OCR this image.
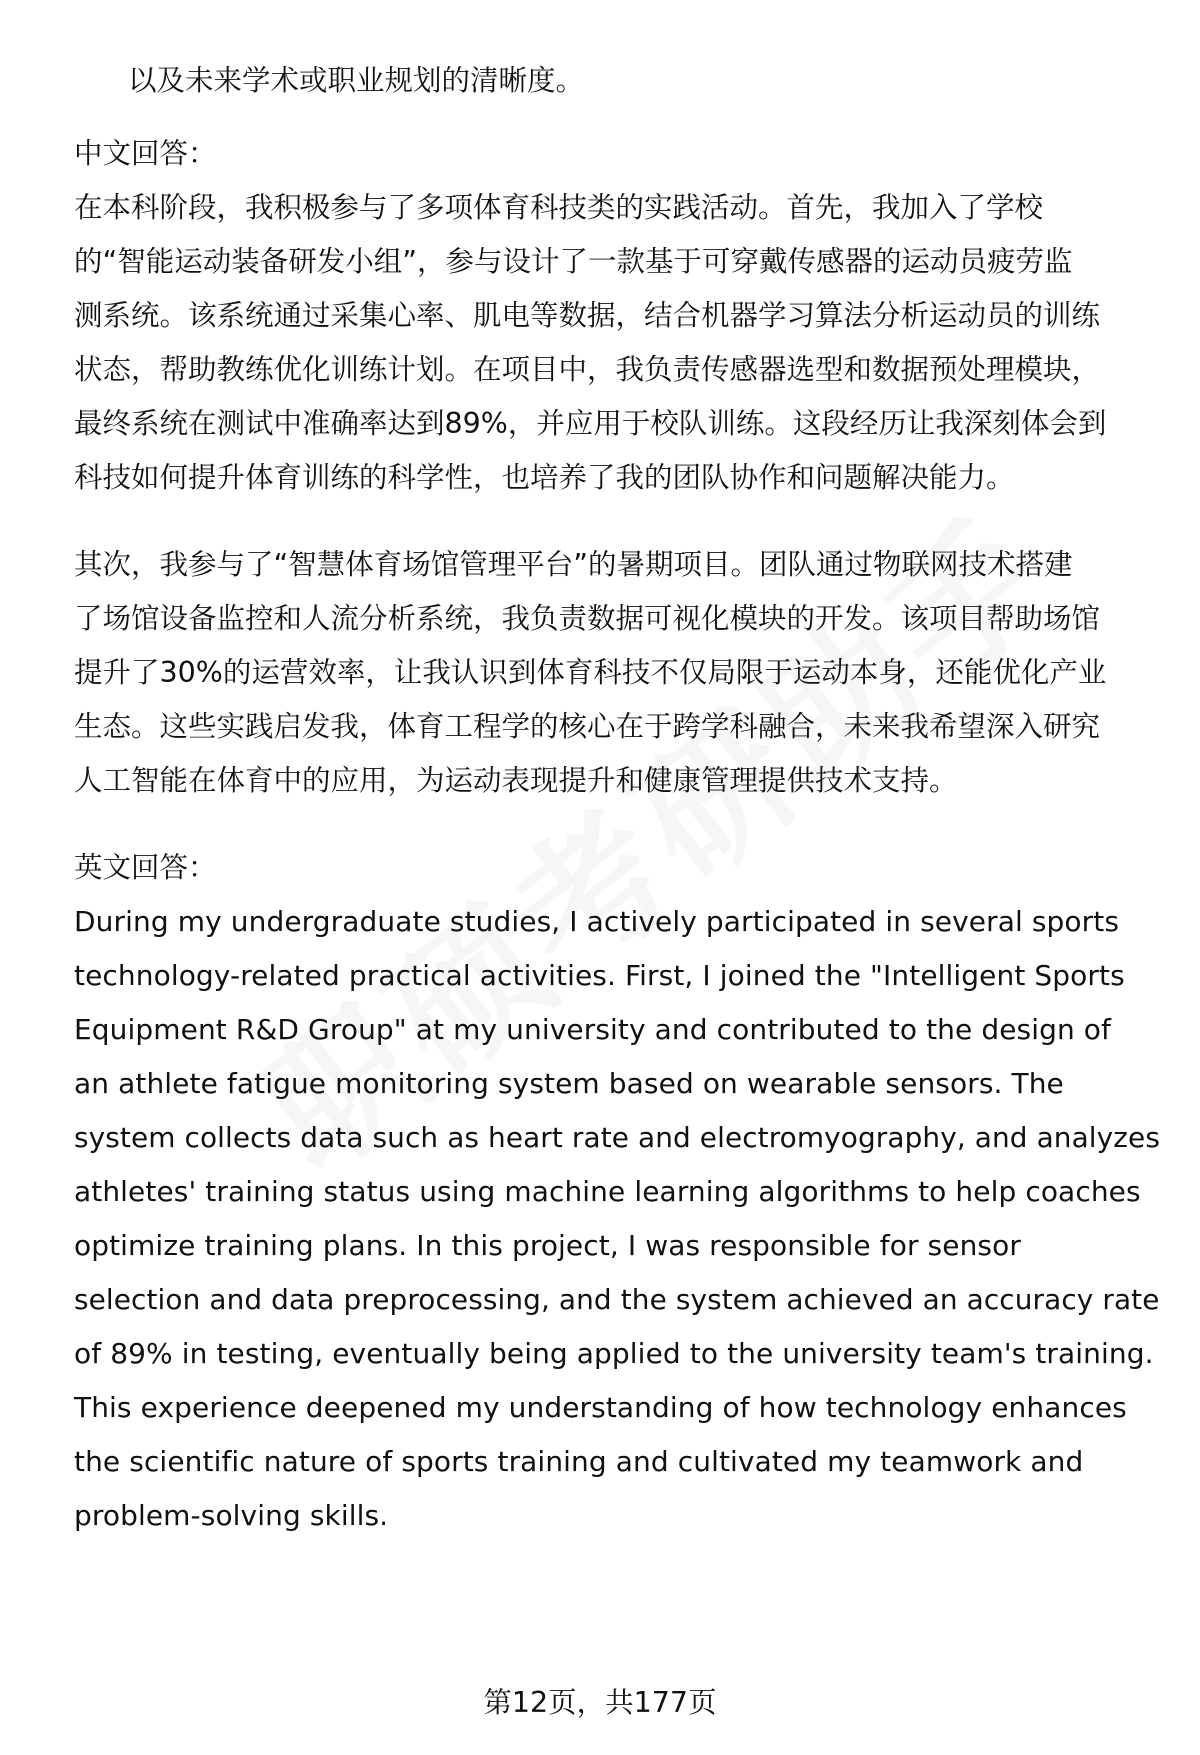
以及未来学术或职业规划的清晰度。
中文回答：
在本科阶段，我积极参与了多项体育科技类的实践活动。首先，我加入了学校
的“智能运动装备研发小组”，参与设计了一款基于可穿戴传感器的运动员疲劳监
测系统。该系统通过采集心率、肌电等数据，结合机器学习算法分析运动员的训练
状态，帮助教练优化训练计划。在项目中，我负责传感器选型和数据预处理模块，
最终系统在测试中准确率达到89%，并应用于校队训练。这段经历让我深刻体会到
科技如何提升体育训练的科学性，也培养了我的团队协作和问题解决能力。
其次，我参与了“智慧体育场馆管理平台”的暑期项目。团队通过物联网技术搭建
了场馆设备监控和人流分析系统，我负责数据可视化模块的开发。该项目帮助场馆
提升了30%的运营效率，让我认识到体育科技不仅局限于运动本身，还能优化产业
生态。这些实践启发我，体育工程学的核心在于跨学科融合，未来我希望深入研究
人工智能在体育中的应用，为运动表现提升和健康管理提供技术支持。
英文回答：
During my undergraduate studies, I actively participated in several sports
technology-related practical activities. First, I joined the "Intelligent Sports
Equipment R&D Group" at my university and contributed to the design of
an athlete fatigue monitoring system based on wearable sensors. The
system collects data such as heart rate and electromyography, and analyzes
athletes' training status using machine learning algorithms to help coaches
optimize training plans. In this project, I was responsible for sensor
selection and data preprocessing, and the system achieved an accuracy rate
of 89% in testing, eventually being applied to the university team's training.
This experience deepened my understanding of how technology enhances
the scientific nature of sports training and cultivated my teamwork and
problem-solving skills.
第12页，共177页
